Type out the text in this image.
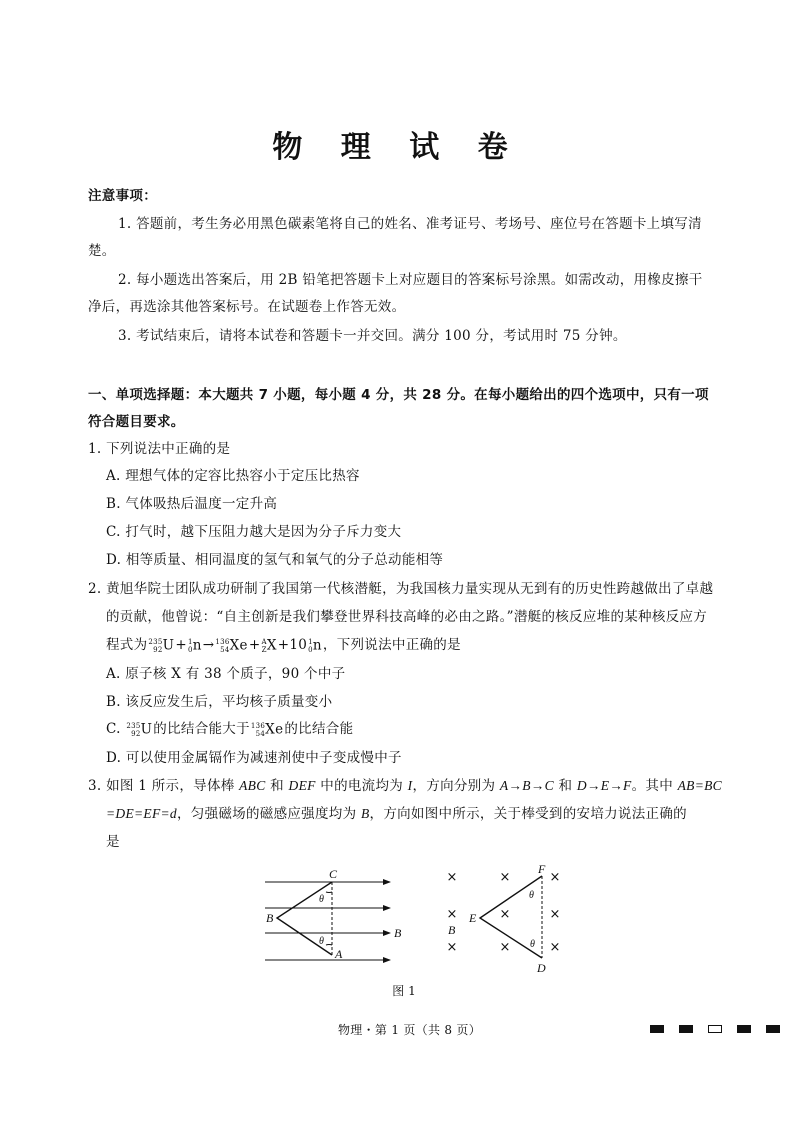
物 理 试 卷
注意事项：
1. 答题前，考生务必用黑色碳素笔将自己的姓名、准考证号、考场号、座位号在答题卡上填写清
楚。
2. 每小题选出答案后，用 2B 铅笔把答题卡上对应题目的答案标号涂黑。如需改动，用橡皮擦干
净后，再选涂其他答案标号。在试题卷上作答无效。
3. 考试结束后，请将本试卷和答题卡一并交回。满分 100 分，考试用时 75 分钟。
一、单项选择题：本大题共 7 小题，每小题 4 分，共 28 分。在每小题给出的四个选项中，只有一项
符合题目要求。
1. 下列说法中正确的是
A. 理想气体的定容比热容小于定压比热容
B. 气体吸热后温度一定升高
C. 打气时，越下压阻力越大是因为分子斥力变大
D. 相等质量、相同温度的氢气和氧气的分子总动能相等
2. 黄旭华院士团队成功研制了我国第一代核潜艇，为我国核力量实现从无到有的历史性跨越做出了卓越
的贡献，他曾说：“自主创新是我们攀登世界科技高峰的必由之路。”潜艇的核反应堆的某种核反应方
程式为 235
92 U+ 1
0 n→ 136
54 Xe+ A
Z X+10 1
0 n，下列说法中正确的是
A. 原子核 X 有 38 个质子，90 个中子
B. 该反应发生后，平均核子质量变小
C. 235
92 U的比结合能大于 136
54 Xe的比结合能
D. 可以使用金属镉作为减速剂使中子变成慢中子
3. 如图 1 所示，导体棒 ABC 和 DEF 中的电流均为 I，方向分别为 A→B→C 和 D→E→F。其中 AB=BC
=DE=EF=d，匀强磁场的磁感应强度均为 B，方向如图中所示，关于棒受到的安培力说法正确的
是
C
B
A
B
θ
θ
×	×	×
×	×	×
×	×	×
F
E
D
B
θ
θ
图 1
物理・第 1 页（共 8 页）
